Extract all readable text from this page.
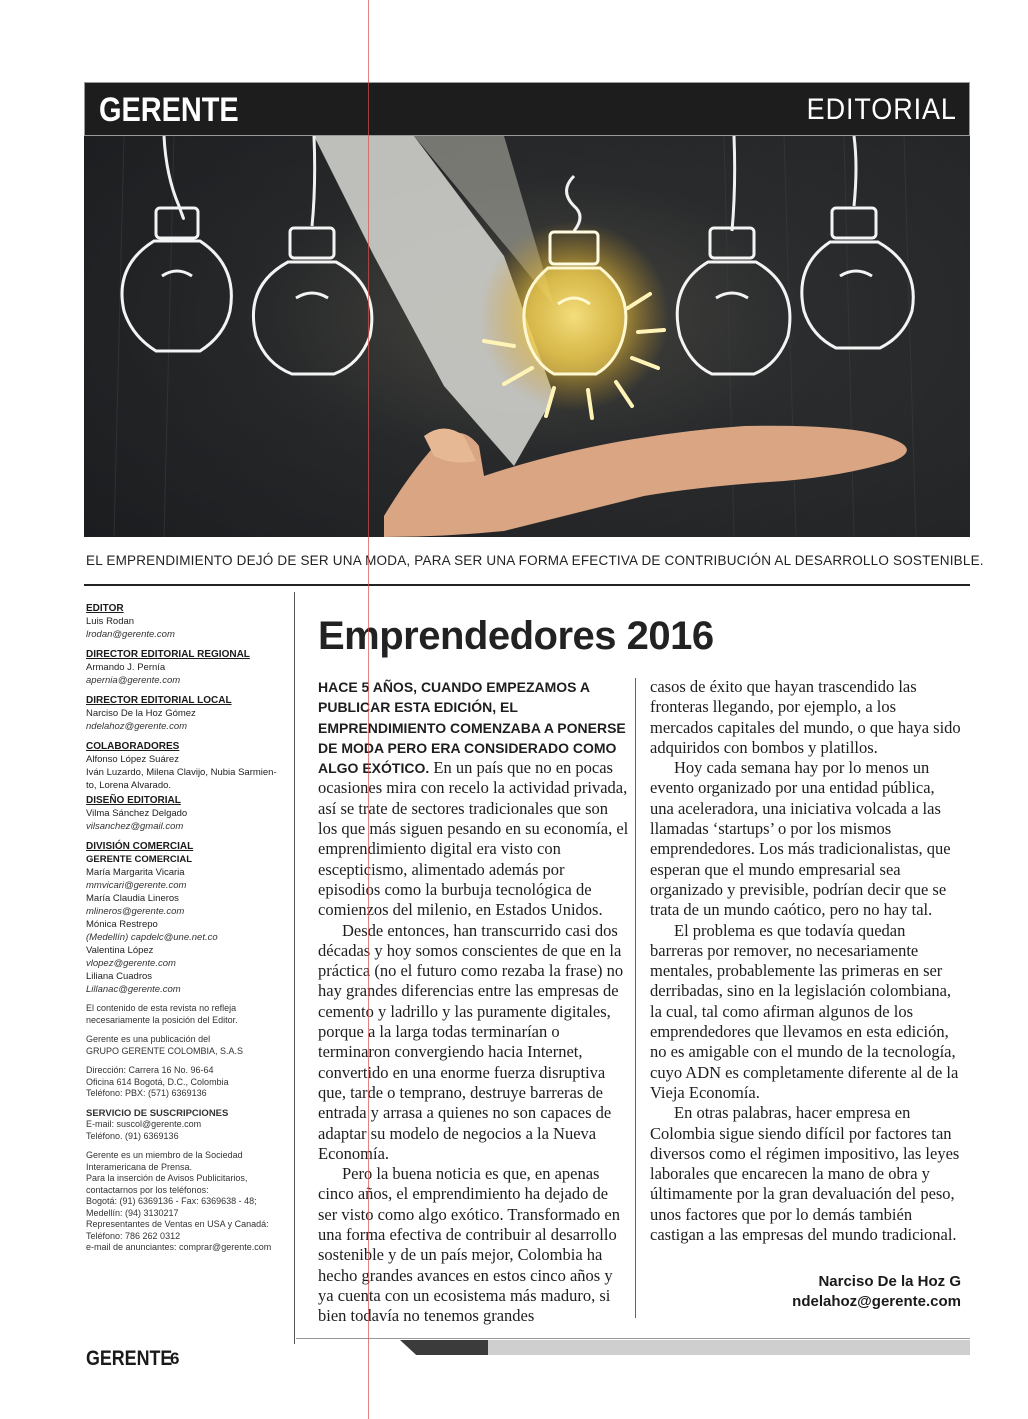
GERENTE	EDITORIAL
EL EMPRENDIMIENTO DEJÓ DE SER UNA MODA, PARA SER UNA FORMA EFECTIVA DE CONTRIBUCIÓN AL DESARROLLO SOSTENIBLE.
EDITOR
Luis Rodan
lrodan@gerente.com
DIRECTOR EDITORIAL REGIONAL
Armando J. Pernía
apernia@gerente.com
DIRECTOR EDITORIAL LOCAL
Narciso De la Hoz Gómez
ndelahoz@gerente.com
COLABORADORES
Alfonso López Suárez
Iván Luzardo, Milena Clavijo, Nubia Sarmien-
to, Lorena Alvarado.
DISEÑO EDITORIAL
Vilma Sánchez Delgado
vilsanchez@gmail.com
DIVISIÓN COMERCIAL
GERENTE COMERCIAL
María Margarita Vicaria
mmvicari@gerente.com
María Claudia Lineros
mlineros@gerente.com
Mónica Restrepo
(Medellín) capdelc@une.net.co
Valentina López
vlopez@gerente.com
Liliana Cuadros
Lillanac@gerente.com
El contenido de esta revista no refleja
necesariamente la posición del Editor.
Gerente es una publicación del
GRUPO GERENTE COLOMBIA, S.A.S
Dirección: Carrera 16 No. 96-64
Oficina 614 Bogotá, D.C., Colombia
Teléfono: PBX: (571) 6369136
SERVICIO DE SUSCRIPCIONES
E-mail: suscol@gerente.com
Teléfono. (91) 6369136
Gerente es un miembro de la Sociedad
Interamericana de Prensa.
Para la inserción de Avisos Publicitarios,
contactarnos por los teléfonos:
Bogotá: (91) 6369136 - Fax: 6369638 - 48;
Medellín: (94) 3130217
Representantes de Ventas en USA y Canadá:
Teléfono: 786 262 0312
e-mail de anunciantes: comprar@gerente.com
Emprendedores 2016

HACE 5 AÑOS, CUANDO EMPEZAMOS A PUBLICAR ESTA EDICIÓN, EL EMPRENDIMIENTO COMENZABA A PONERSE DE MODA PERO ERA CONSIDERADO COMO ALGO EXÓTICO. En un país que no en pocas ocasiones mira con recelo la actividad privada, así se trate de sectores tradicionales que son los que más siguen pesando en su economía, el emprendimiento digital era visto con escepticismo, alimentado además por episodios como la burbuja tecnológica de comienzos del milenio, en Estados Unidos.

Desde entonces, han transcurrido casi dos décadas y hoy somos conscientes de que en la práctica (no el futuro como rezaba la frase) no hay grandes diferencias entre las empresas de cemento y ladrillo y las puramente digitales, porque a la larga todas terminarían o terminaron convergiendo hacia Internet, convertido en una enorme fuerza disruptiva que, tarde o temprano, destruye barreras de entrada y arrasa a quienes no son capaces de adaptar su modelo de negocios a la Nueva Economía.

Pero la buena noticia es que, en apenas cinco años, el emprendimiento ha dejado de ser visto como algo exótico. Transformado en una forma efectiva de contribuir al desarrollo sostenible y de un país mejor, Colombia ha hecho grandes avances en estos cinco años y ya cuenta con un ecosistema más maduro, si bien todavía no tenemos grandes

casos de éxito que hayan trascendido las fronteras llegando, por ejemplo, a los mercados capitales del mundo, o que haya sido adquiridos con bombos y platillos.

Hoy cada semana hay por lo menos un evento organizado por una entidad pública, una aceleradora, una iniciativa volcada a las llamadas ‘startups’ o por los mismos emprendedores. Los más tradicionalistas, que esperan que el mundo empresarial sea organizado y previsible, podrían decir que se trata de un mundo caótico, pero no hay tal.

El problema es que todavía quedan barreras por remover, no necesariamente mentales, probablemente las primeras en ser derribadas, sino en la legislación colombiana, la cual, tal como afirman algunos de los emprendedores que llevamos en esta edición, no es amigable con el mundo de la tecnología, cuyo ADN es completamente diferente al de la Vieja Economía.

En otras palabras, hacer empresa en Colombia sigue siendo difícil por factores tan diversos como el régimen impositivo, las leyes laborales que encarecen la mano de obra y últimamente por la gran devaluación del peso, unos factores que por lo demás también castigan a las empresas del mundo tradicional.

Narciso De la Hoz G
ndelahoz@gerente.com
GERENTE
6
